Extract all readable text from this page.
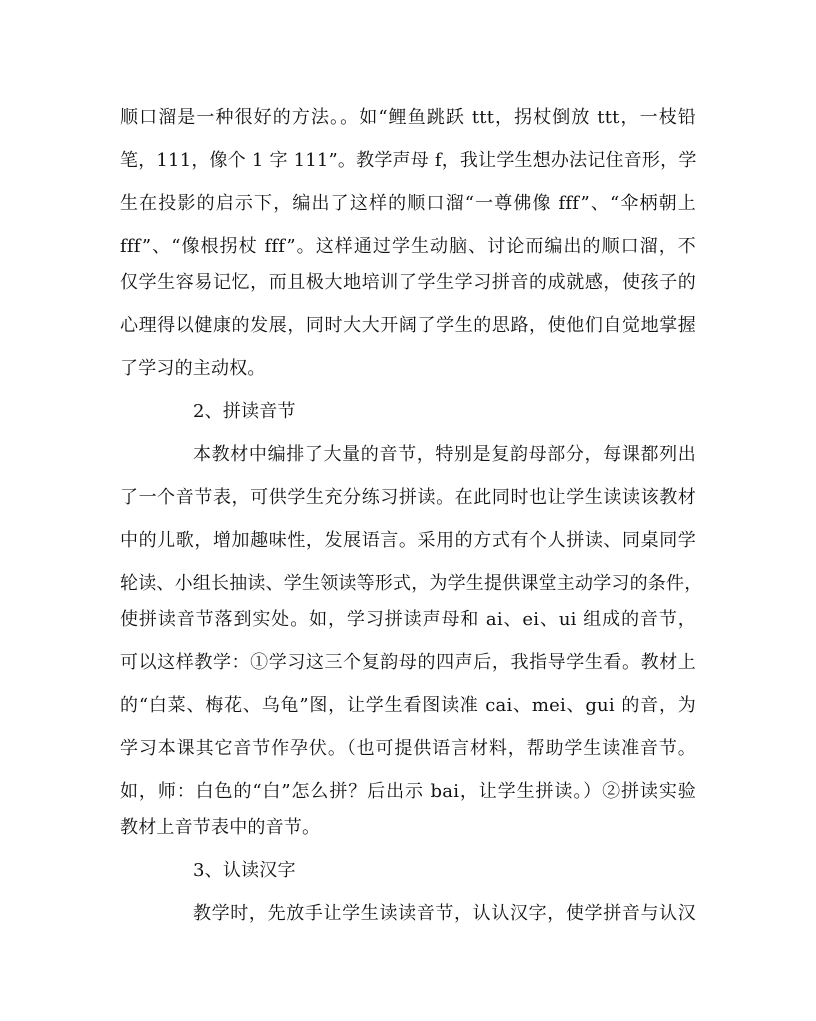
顺口溜是一种很好的方法。。如“鲤鱼跳跃 ttt，拐杖倒放 ttt，一枝铅
笔，111，像个 1 字 111”。教学声母 f，我让学生想办法记住音形，学
生在投影的启示下，编出了这样的顺口溜“一尊佛像 fff”、“伞柄朝上
fff”、“像根拐杖 fff”。这样通过学生动脑、讨论而编出的顺口溜，不
仅学生容易记忆，而且极大地培训了学生学习拼音的成就感，使孩子的
心理得以健康的发展，同时大大开阔了学生的思路，使他们自觉地掌握
了学习的主动权。
2、拼读音节
本教材中编排了大量的音节，特别是复韵母部分，每课都列出
了一个音节表，可供学生充分练习拼读。在此同时也让学生读读该教材
中的儿歌，增加趣味性，发展语言。采用的方式有个人拼读、同桌同学
轮读、小组长抽读、学生领读等形式，为学生提供课堂主动学习的条件，
使拼读音节落到实处。如，学习拼读声母和 ai、ei、ui 组成的音节，
可以这样教学：①学习这三个复韵母的四声后，我指导学生看。教材上
的“白菜、梅花、乌龟”图，让学生看图读准 cai、mei、gui 的音，为
学习本课其它音节作孕伏。（也可提供语言材料，帮助学生读准音节。
如，师：白色的“白”怎么拼？后出示 bai，让学生拼读。）②拼读实验
教材上音节表中的音节。
3、认读汉字
教学时，先放手让学生读读音节，认认汉字，使学拼音与认汉
